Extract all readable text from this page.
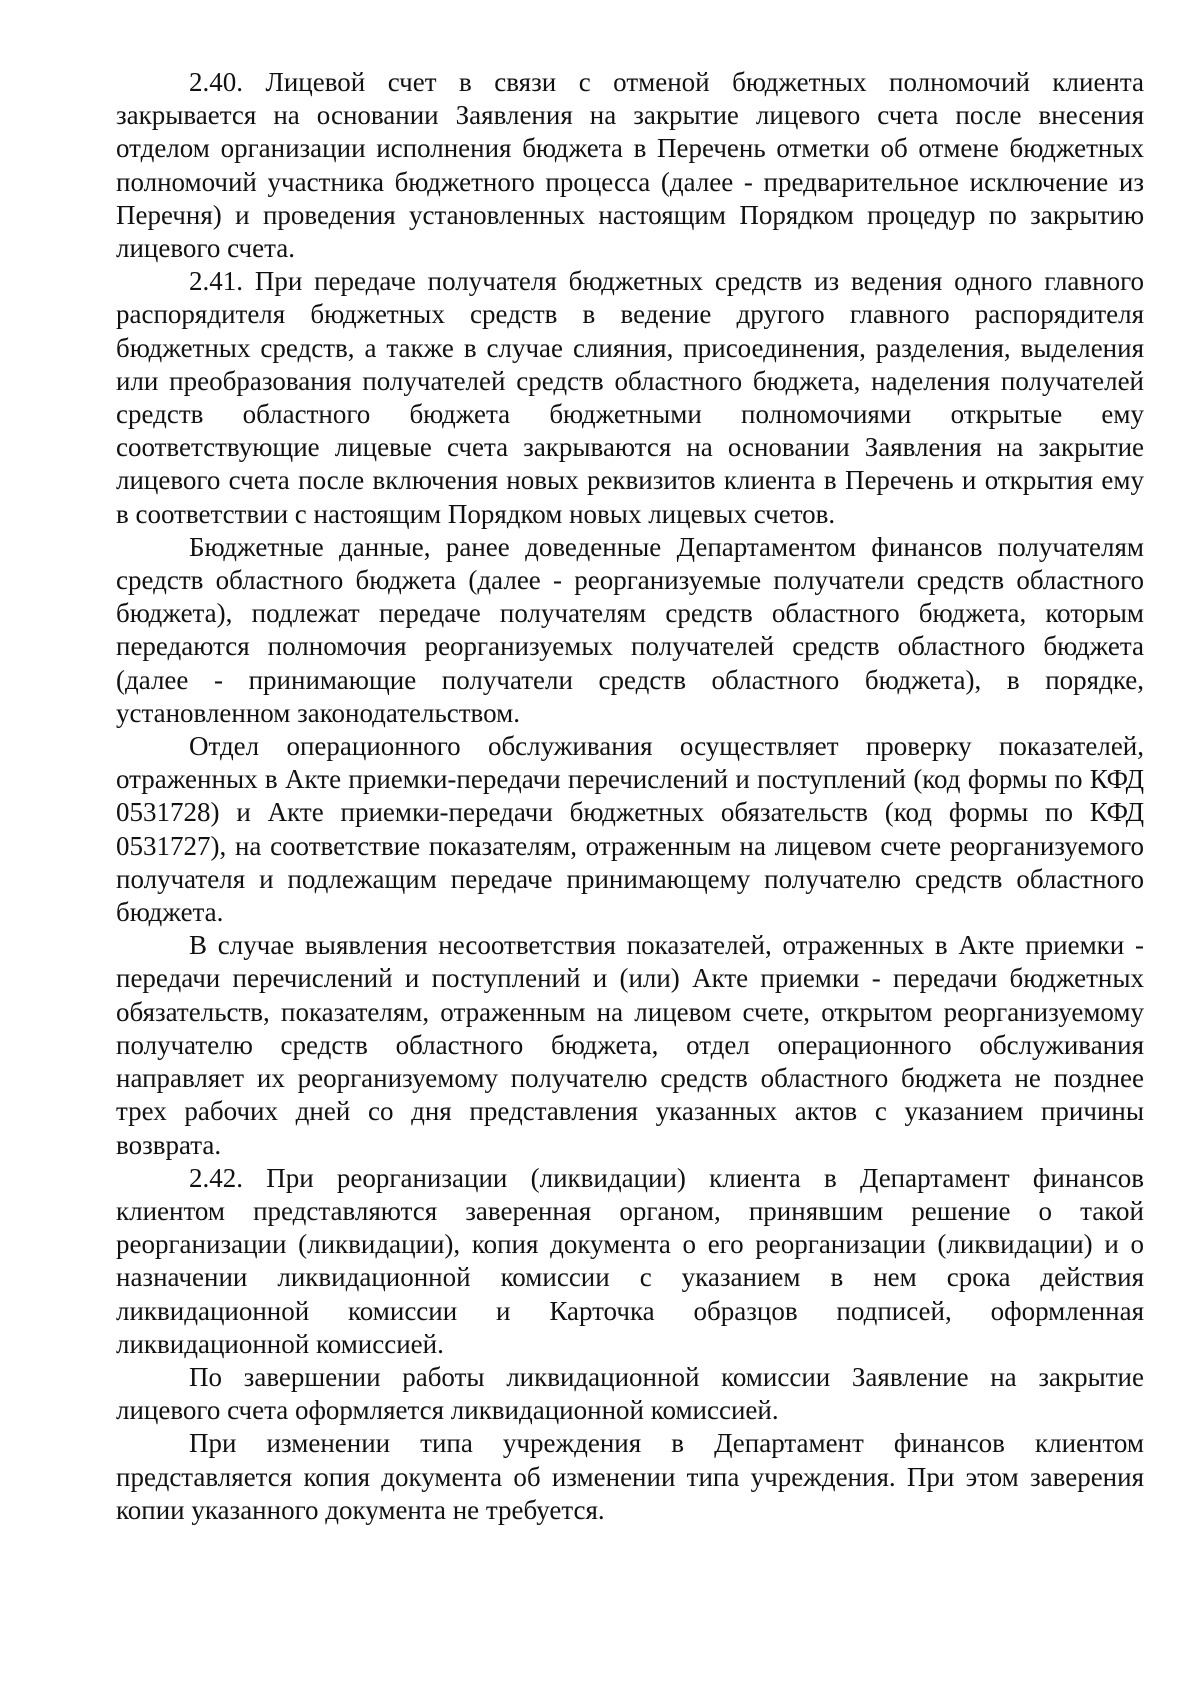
2.40. Лицевой счет в связи с отменой бюджетных полномочий клиента закрывается на основании Заявления на закрытие лицевого счета после внесения отделом организации исполнения бюджета в Перечень отметки об отмене бюджетных полномочий участника бюджетного процесса (далее - предварительное исключение из Перечня) и проведения установленных настоящим Порядком процедур по закрытию лицевого счета.

2.41. При передаче получателя бюджетных средств из ведения одного главного распорядителя бюджетных средств в ведение другого главного распорядителя бюджетных средств, а также в случае слияния, присоединения, разделения, выделения или преобразования получателей средств областного бюджета, наделения получателей средств областного бюджета бюджетными полномочиями открытые ему соответствующие лицевые счета закрываются на основании Заявления на закрытие лицевого счета после включения новых реквизитов клиента в Перечень и открытия ему в соответствии с настоящим Порядком новых лицевых счетов.

Бюджетные данные, ранее доведенные Департаментом финансов получателям средств областного бюджета (далее - реорганизуемые получатели средств областного бюджета), подлежат передаче получателям средств областного бюджета, которым передаются полномочия реорганизуемых получателей средств областного бюджета (далее - принимающие получатели средств областного бюджета), в порядке, установленном законодательством.

Отдел операционного обслуживания осуществляет проверку показателей, отраженных в Акте приемки-передачи перечислений и поступлений (код формы по КФД 0531728) и Акте приемки-передачи бюджетных обязательств (код формы по КФД 0531727), на соответствие показателям, отраженным на лицевом счете реорганизуемого получателя и подлежащим передаче принимающему получателю средств областного бюджета.

В случае выявления несоответствия показателей, отраженных в Акте приемки - передачи перечислений и поступлений и (или) Акте приемки - передачи бюджетных обязательств, показателям, отраженным на лицевом счете, открытом реорганизуемому получателю средств областного бюджета, отдел операционного обслуживания направляет их реорганизуемому получателю средств областного бюджета не позднее трех рабочих дней со дня представления указанных актов с указанием причины возврата.

2.42. При реорганизации (ликвидации) клиента в Департамент финансов клиентом представляются заверенная органом, принявшим решение о такой реорганизации (ликвидации), копия документа о его реорганизации (ликвидации) и о назначении ликвидационной комиссии с указанием в нем срока действия ликвидационной комиссии и Карточка образцов подписей, оформленная ликвидационной комиссией.

По завершении работы ликвидационной комиссии Заявление на закрытие лицевого счета оформляется ликвидационной комиссией.

При изменении типа учреждения в Департамент финансов клиентом представляется копия документа об изменении типа учреждения. При этом заверения копии указанного документа не требуется.
